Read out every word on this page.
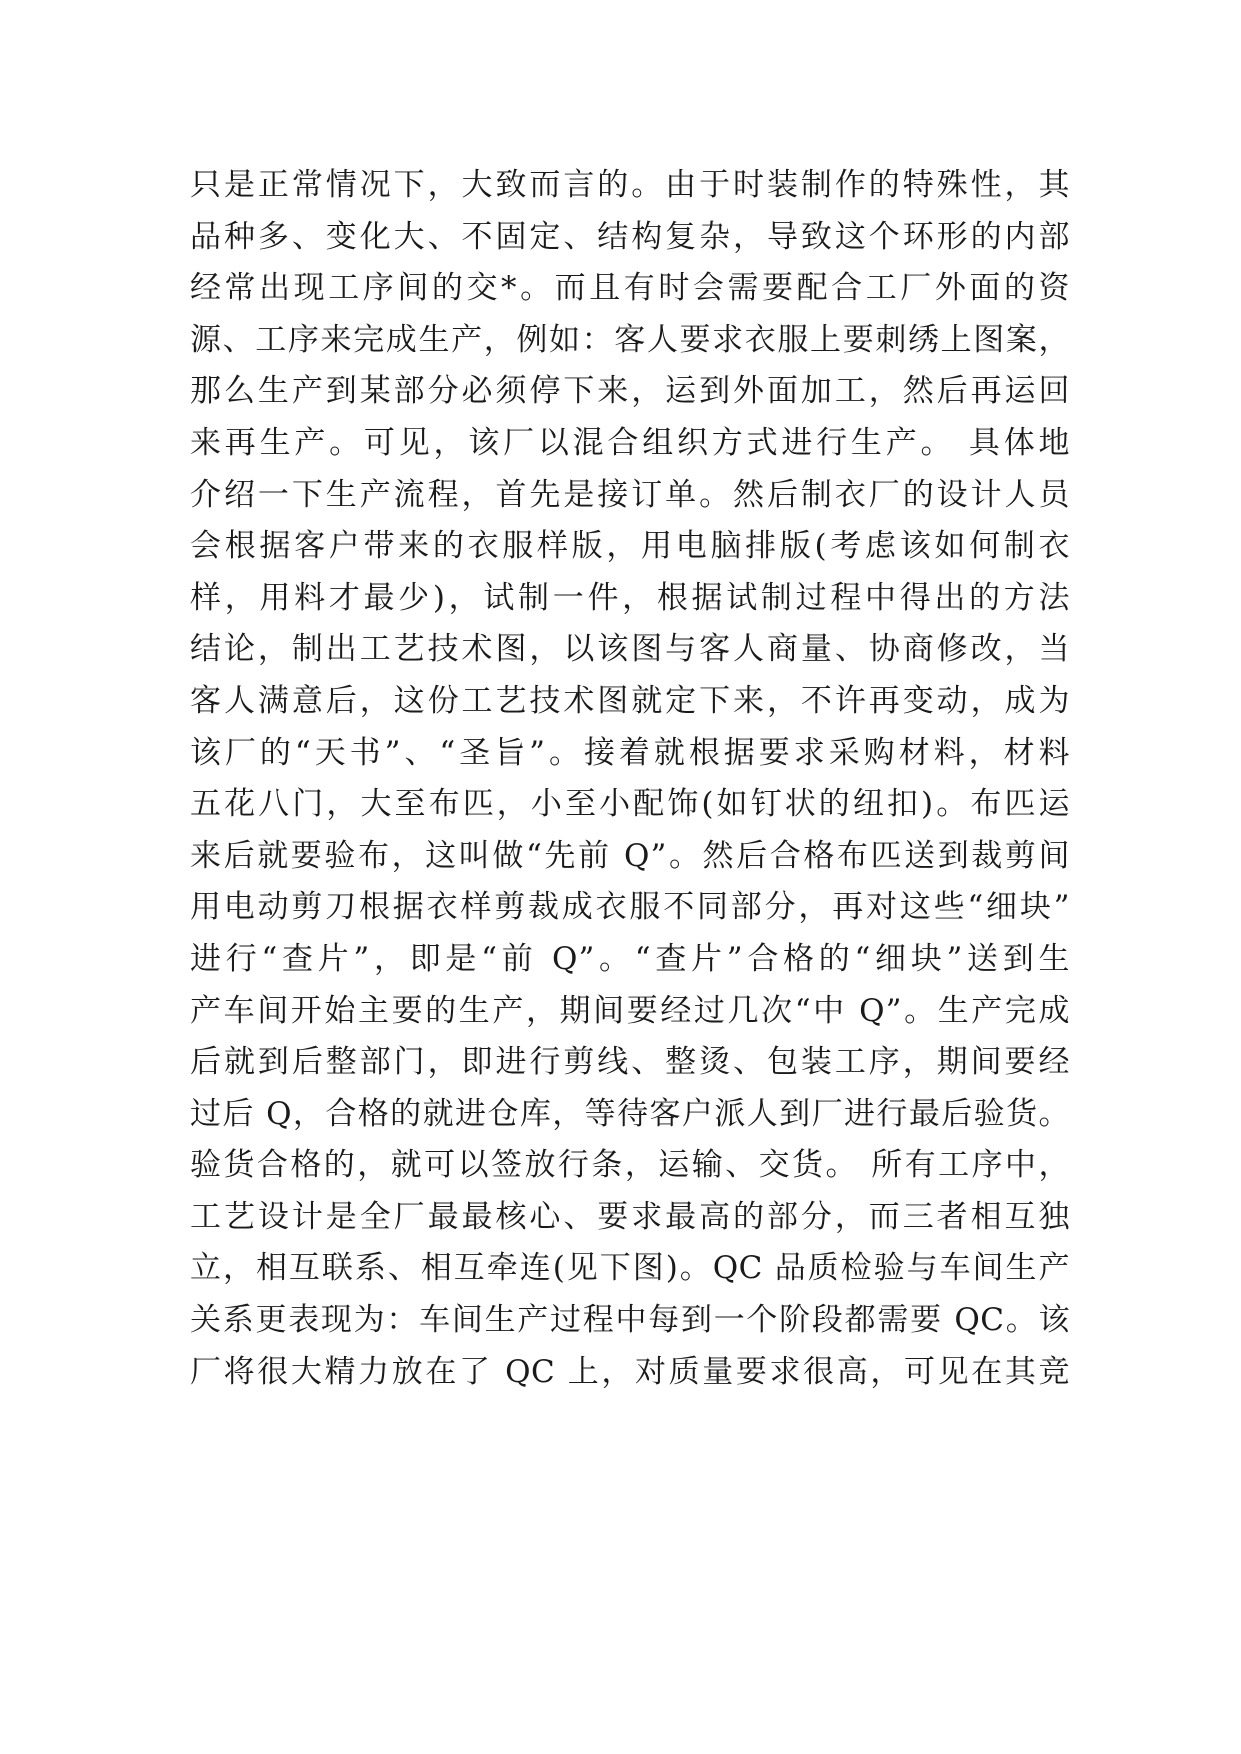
只是正常情况下，大致而言的。由于时装制作的特殊性，其
品种多、变化大、不固定、结构复杂，导致这个环形的内部
经常出现工序间的交*。而且有时会需要配合工厂外面的资
源、工序来完成生产，例如：客人要求衣服上要刺绣上图案，
那么生产到某部分必须停下来，运到外面加工，然后再运回
来再生产。可见，该厂以混合组织方式进行生产。 具体地
介绍一下生产流程，首先是接订单。然后制衣厂的设计人员
会根据客户带来的衣服样版，用电脑排版(考虑该如何制衣
样，用料才最少)，试制一件，根据试制过程中得出的方法
结论，制出工艺技术图，以该图与客人商量、协商修改，当
客人满意后，这份工艺技术图就定下来，不许再变动，成为
该厂的“天书”、“圣旨”。接着就根据要求采购材料，材料
五花八门，大至布匹，小至小配饰(如钉状的纽扣)。布匹运
来后就要验布，这叫做“先前 Q”。然后合格布匹送到裁剪间
用电动剪刀根据衣样剪裁成衣服不同部分，再对这些“细块”
进行“查片”，即是“前 Q”。“查片”合格的“细块”送到生
产车间开始主要的生产，期间要经过几次“中 Q”。生产完成
后就到后整部门，即进行剪线、整烫、包装工序，期间要经
过后 Q，合格的就进仓库，等待客户派人到厂进行最后验货。
验货合格的，就可以签放行条，运输、交货。 所有工序中，
工艺设计是全厂最最核心、要求最高的部分，而三者相互独
立，相互联系、相互牵连(见下图)。QC 品质检验与车间生产
关系更表现为：车间生产过程中每到一个阶段都需要 QC。该
厂将很大精力放在了 QC 上，对质量要求很高，可见在其竞
